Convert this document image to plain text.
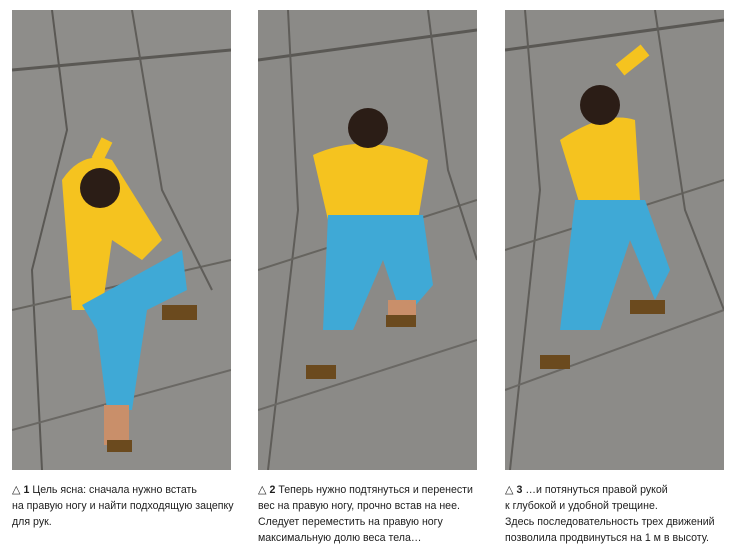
△ 1 Цель ясна: сначала нужно встать
на правую ногу и найти подходящую зацепку
для рук.
△ 2 Теперь нужно подтянуться и перенести
вес на правую ногу, прочно встав на нее.
Следует переместить на правую ногу
максимальную долю веса тела…
△ 3 …и потянуться правой рукой
к глубокой и удобной трещине.
Здесь последовательность трех движений
позволила продвинуться на 1 м в высоту.
